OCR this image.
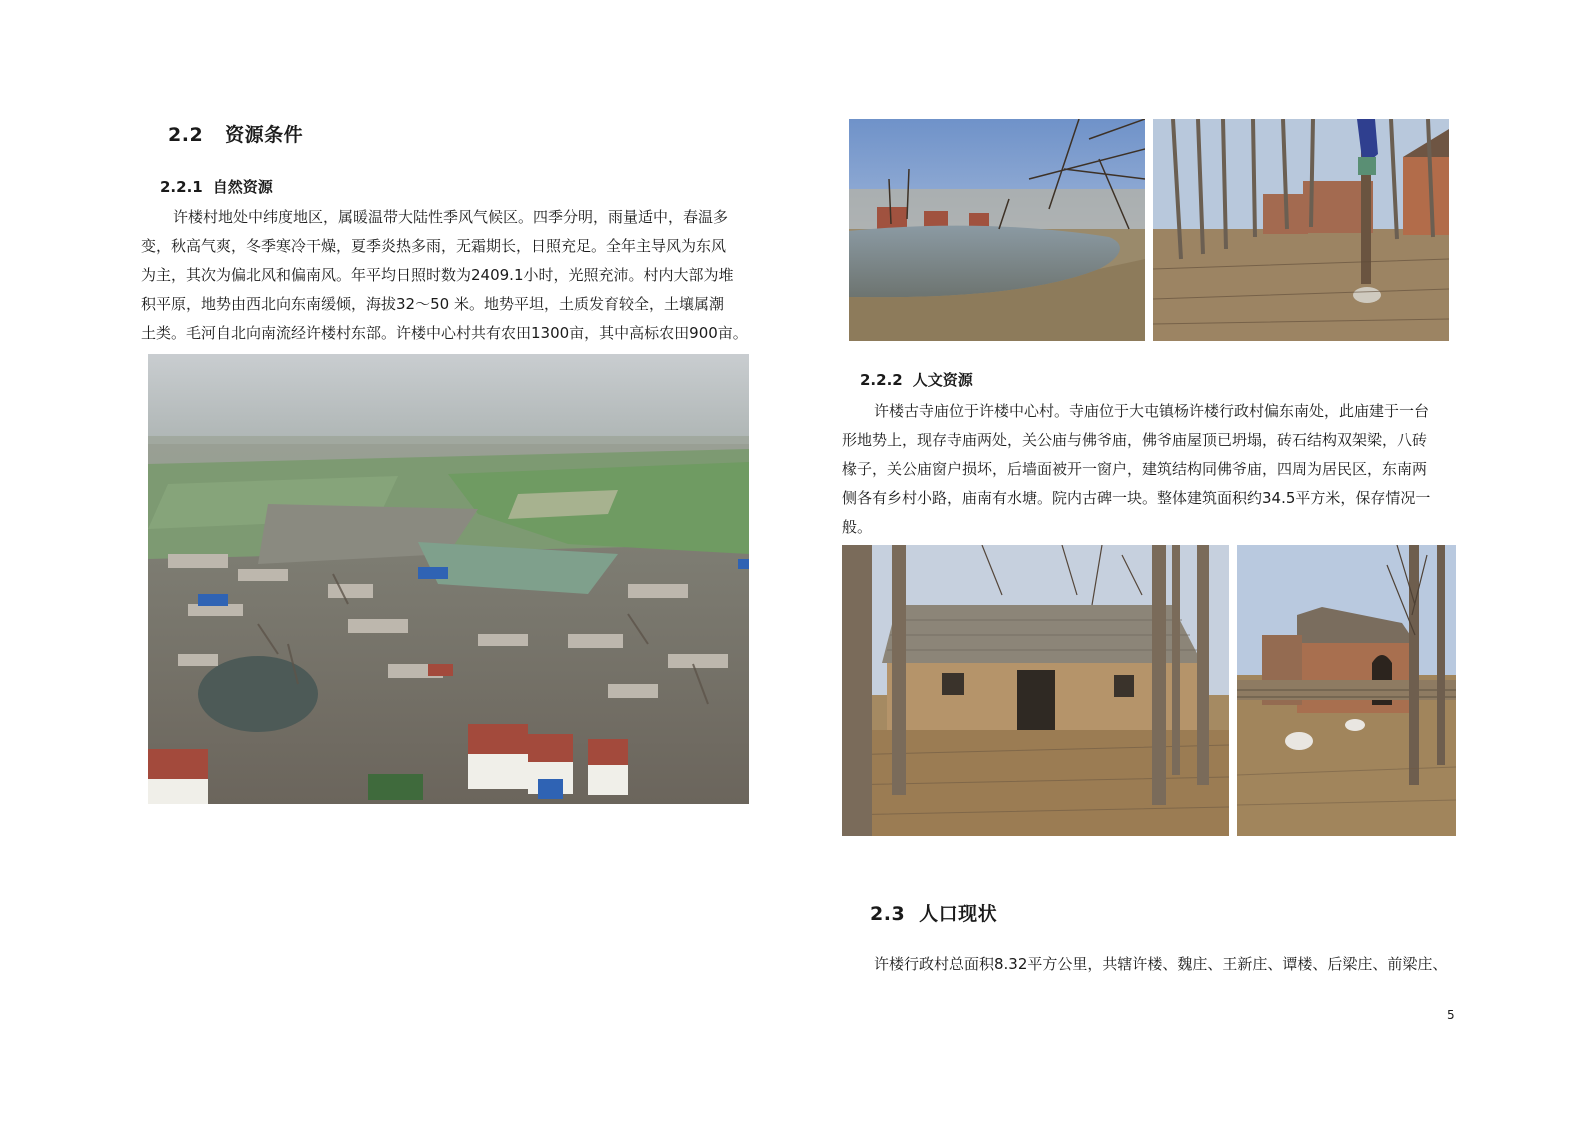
2.2 资源条件
2.2.1 自然资源

许楼村地处中纬度地区，属暖温带大陆性季风气候区。四季分明，雨量适中，春温多

变，秋高气爽，冬季寒冷干燥，夏季炎热多雨，无霜期长，日照充足。全年主导风为东风

为主，其次为偏北风和偏南风。年平均日照时数为2409.1小时，光照充沛。村内大部为堆

积平原，地势由西北向东南缓倾，海拔32～50 米。地势平坦，土质发育较全，土壤属潮

土类。毛河自北向南流经许楼村东部。许楼中心村共有农田1300亩，其中高标农田900亩。

2.2.2 人文资源

许楼古寺庙位于许楼中心村。寺庙位于大屯镇杨许楼行政村偏东南处，此庙建于一台

形地势上，现存寺庙两处，关公庙与佛爷庙，佛爷庙屋顶已坍塌，砖石结构双架梁，八砖

椽子，关公庙窗户损坏，后墙面被开一窗户，建筑结构同佛爷庙，四周为居民区，东南两

侧各有乡村小路，庙南有水塘。院内古碑一块。整体建筑面积约34.5平方米，保存情况一

般。

2.3 人口现状
许楼行政村总面积8.32平方公里，共辖许楼、魏庄、王新庄、谭楼、后梁庄、前梁庄、
5
